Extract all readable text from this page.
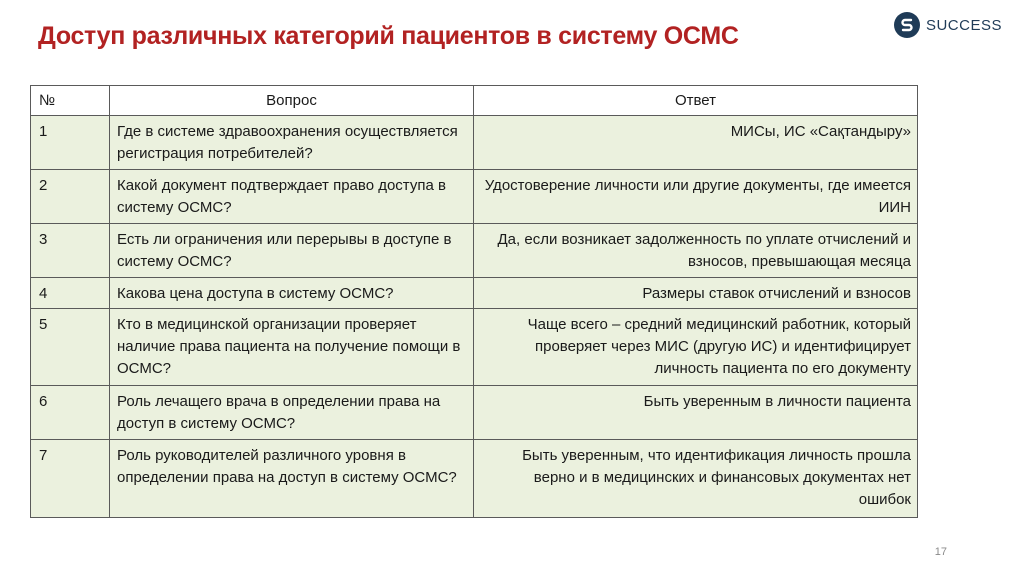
Доступ различных категорий пациентов в систему ОСМС	SUCCESS
№	Вопрос	Ответ
1	Где в системе здравоохранения осуществляется регистрация потребителей?	МИСы, ИС «Сақтандыру»
2	Какой документ подтверждает право доступа в систему ОСМС?	Удостоверение личности или другие документы, где имеется ИИН
3	Есть ли ограничения или перерывы в доступе в систему ОСМС?	Да, если возникает задолженность по уплате отчислений и взносов, превышающая месяца
4	Какова цена доступа в систему ОСМС?	Размеры ставок отчислений и взносов
5	Кто в медицинской организации проверяет наличие права пациента на получение помощи в ОСМС?	Чаще всего – средний медицинский работник, который проверяет через МИС (другую ИС) и идентифицирует личность пациента по его документу
6	Роль лечащего врача в определении права на доступ в систему ОСМС?	Быть уверенным в личности пациента
7	Роль руководителей различного уровня в определении права на доступ в систему ОСМС?	Быть уверенным, что идентификация личность прошла верно и в медицинских и финансовых документах нет ошибок
17
